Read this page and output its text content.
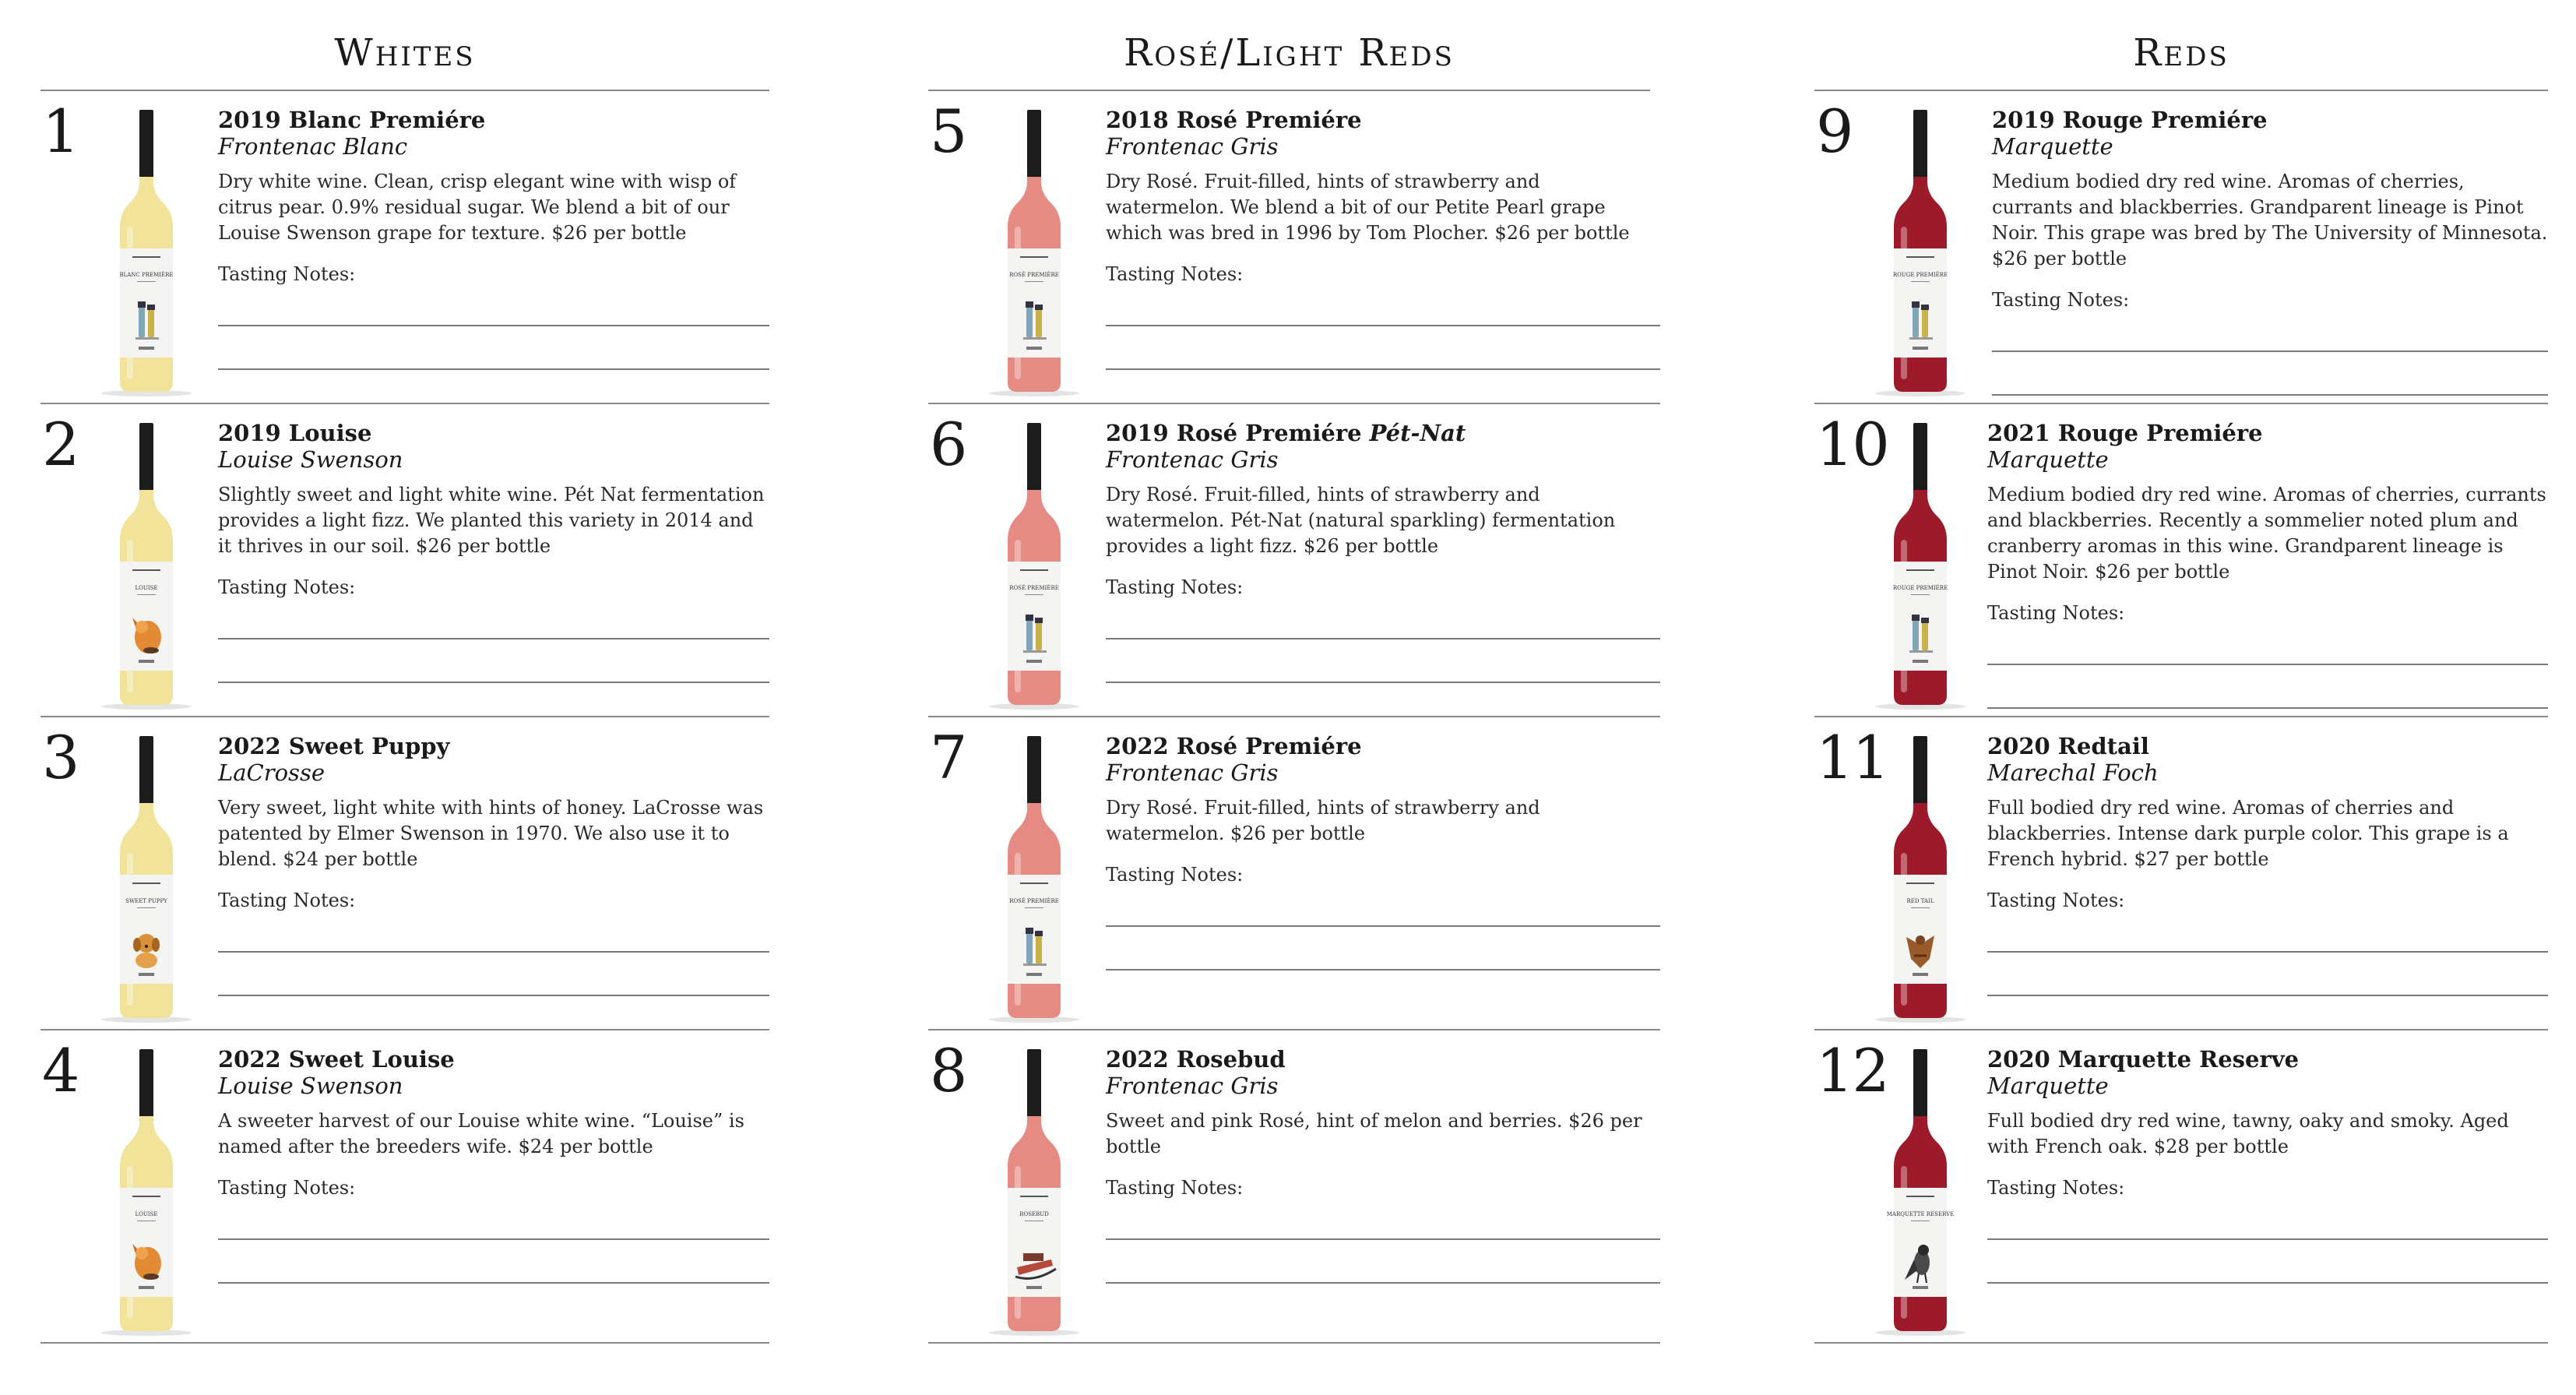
Whites
1
BLANC PREMIÈRE
2019 Blanc Premiére
Frontenac Blanc
Dry white wine. Clean, crisp elegant wine with wisp of citrus pear. 0.9% residual sugar. We blend a bit of our Louise Swenson grape for texture. $26 per bottle
Tasting Notes:
2
LOUISE
2019 Louise
Louise Swenson
Slightly sweet and light white wine. Pét Nat fermentation provides a light fizz. We planted this variety in 2014 and it thrives in our soil. $26 per bottle
Tasting Notes:
3
SWEET PUPPY
2022 Sweet Puppy
LaCrosse
Very sweet, light white with hints of honey. LaCrosse was patented by Elmer Swenson in 1970. We also use it to blend. $24 per bottle
Tasting Notes:
4
LOUISE
2022 Sweet Louise
Louise Swenson
A sweeter harvest of our Louise white wine. “Louise” is named after the breeders wife. $24 per bottle
Tasting Notes:
Rosé/Light Reds
5
ROSÉ PREMIÈRE
2018 Rosé Premiére
Frontenac Gris
Dry Rosé. Fruit-filled, hints of strawberry and watermelon. We blend a bit of our Petite Pearl grape which was bred in 1996 by Tom Plocher. $26 per bottle
Tasting Notes:
6
ROSÉ PREMIÈRE
2019 Rosé Premiére Pét-Nat
Frontenac Gris
Dry Rosé. Fruit-filled, hints of strawberry and watermelon. Pét-Nat (natural sparkling) fermentation provides a light fizz. $26 per bottle
Tasting Notes:
7
ROSÉ PREMIÈRE
2022 Rosé Premiére
Frontenac Gris
Dry Rosé. Fruit-filled, hints of strawberry and watermelon. $26 per bottle
Tasting Notes:
8
ROSEBUD
2022 Rosebud
Frontenac Gris
Sweet and pink Rosé, hint of melon and berries. $26 per bottle
Tasting Notes:
Reds
9
ROUGE PREMIÈRE
2019 Rouge Premiére
Marquette
Medium bodied dry red wine. Aromas of cherries, currants and blackberries. Grandparent lineage is Pinot Noir. This grape was bred by The University of Minnesota. $26 per bottle
Tasting Notes:
10
ROUGE PREMIÈRE
2021 Rouge Premiére
Marquette
Medium bodied dry red wine. Aromas of cherries, currants and blackberries. Recently a sommelier noted plum and cranberry aromas in this wine. Grandparent lineage is Pinot Noir. $26 per bottle
Tasting Notes:
11
RED TAIL
2020 Redtail
Marechal Foch
Full bodied dry red wine. Aromas of cherries and blackberries. Intense dark purple color. This grape is a French hybrid. $27 per bottle
Tasting Notes:
12
MARQUETTE RESERVE
2020 Marquette Reserve
Marquette
Full bodied dry red wine, tawny, oaky and smoky. Aged with French oak. $28 per bottle
Tasting Notes:
